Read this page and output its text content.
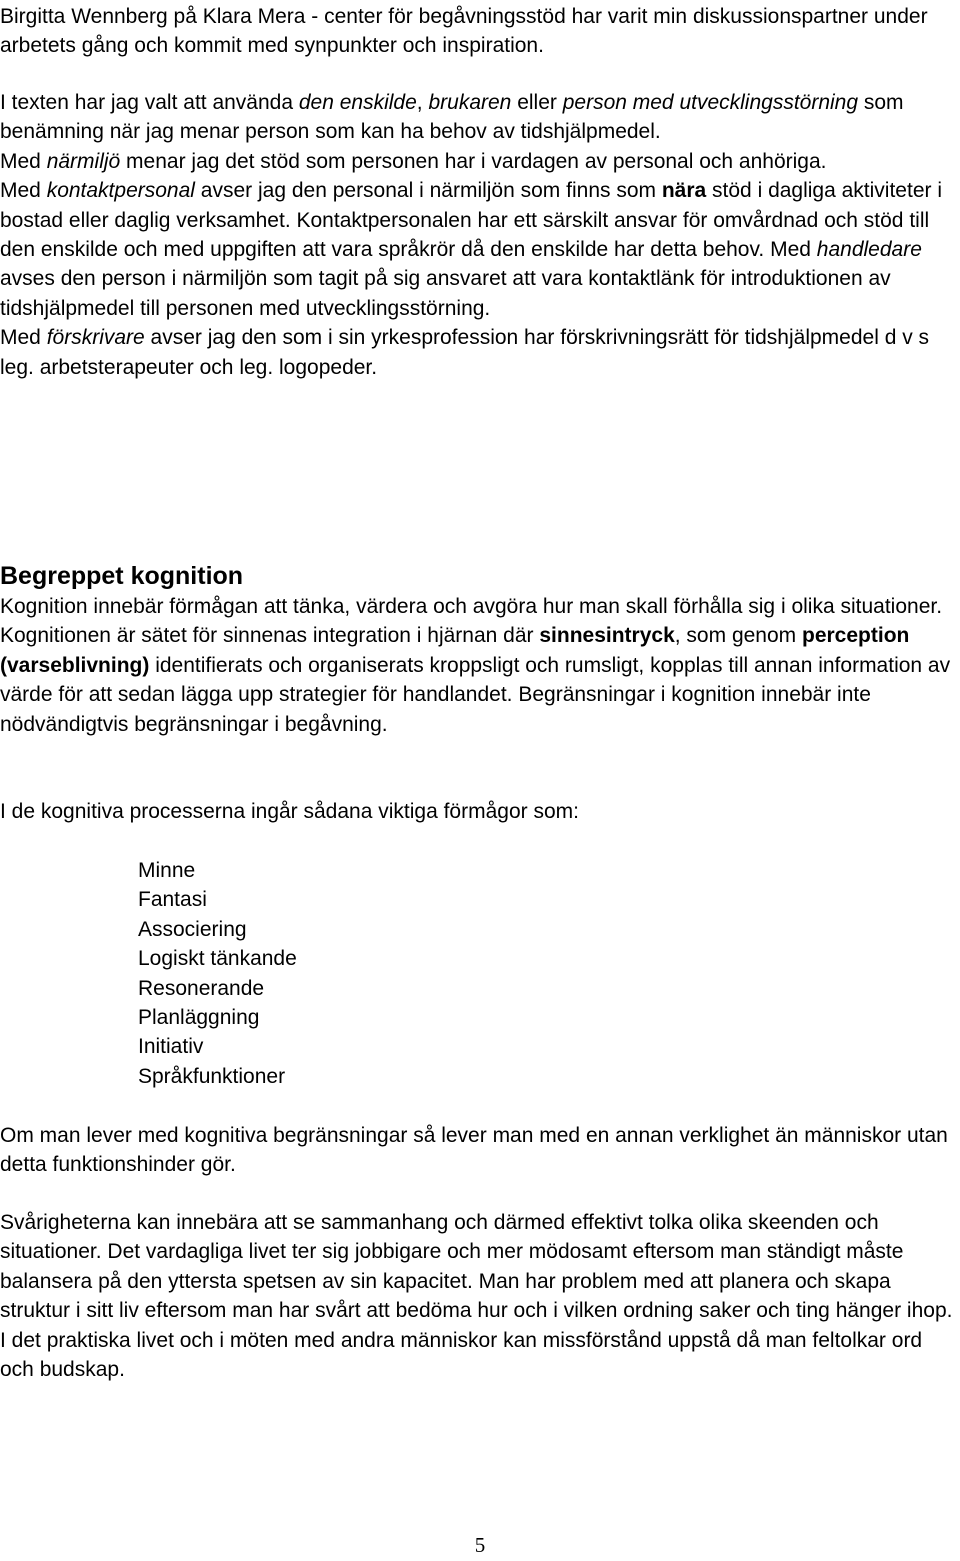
Birgitta Wennberg på Klara Mera - center för begåvningsstöd har varit min diskussionspartner under arbetets gång och kommit med synpunkter och inspiration.

I texten har jag valt att använda den enskilde, brukaren eller person med utvecklingsstörning som benämning när jag menar person som kan ha behov av tidshjälpmedel.

Med närmiljö menar jag det stöd som personen har i vardagen av personal och anhöriga.

Med kontaktpersonal avser jag den personal i närmiljön som finns som nära stöd i dagliga aktiviteter i bostad eller daglig verksamhet. Kontaktpersonalen har ett särskilt ansvar för omvårdnad och stöd till den enskilde och med uppgiften att vara språkrör då den enskilde har detta behov. Med handledare avses den person i närmiljön som tagit på sig ansvaret att vara kontaktlänk för introduktionen av tidshjälpmedel till personen med utvecklingsstörning.

Med förskrivare avser jag den som i sin yrkesprofession har förskrivningsrätt för tidshjälpmedel d v s leg. arbetsterapeuter och leg. logopeder.

Begreppet kognition

Kognition innebär förmågan att tänka, värdera och avgöra hur man skall förhålla sig i olika situationer. Kognitionen är sätet för sinnenas integration i hjärnan där sinnesintryck, som genom perception (varseblivning) identifierats och organiserats kroppsligt och rumsligt, kopplas till annan information av värde för att sedan lägga upp strategier för handlandet. Begränsningar i kognition innebär inte nödvändigtvis begränsningar i begåvning.

I de kognitiva processerna ingår sådana viktiga förmågor som:

Minne
Fantasi
Associering
Logiskt tänkande
Resonerande
Planläggning
Initiativ
Språkfunktioner

Om man lever med kognitiva begränsningar så lever man med en annan verklighet än människor utan detta funktionshinder gör.

Svårigheterna kan innebära att se sammanhang och därmed effektivt tolka olika skeenden och situationer. Det vardagliga livet ter sig jobbigare och mer mödosamt eftersom man ständigt måste balansera på den yttersta spetsen av sin kapacitet. Man har problem med att planera och skapa struktur i sitt liv eftersom man har svårt att bedöma hur och i vilken ordning saker och ting hänger ihop. I det praktiska livet och i möten med andra människor kan missförstånd uppstå då man feltolkar ord och budskap.

5
